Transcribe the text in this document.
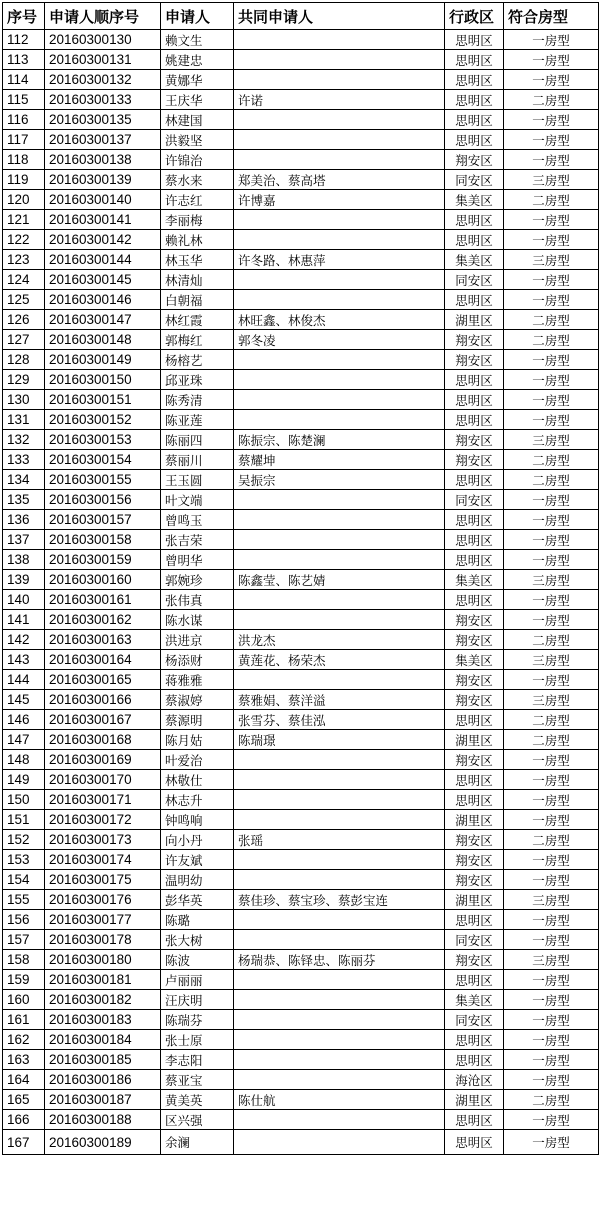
序号	申请人顺序号	申请人	共同申请人	行政区	符合房型
112	20160300130	赖文生		思明区	一房型
113	20160300131	姚建忠		思明区	一房型
114	20160300132	黄娜华		思明区	一房型
115	20160300133	王庆华	许诺	思明区	二房型
116	20160300135	林建国		思明区	一房型
117	20160300137	洪毅坚		思明区	一房型
118	20160300138	许锦治		翔安区	一房型
119	20160300139	蔡水来	郑美治、蔡高塔	同安区	三房型
120	20160300140	许志红	许博嘉	集美区	二房型
121	20160300141	李丽梅		思明区	一房型
122	20160300142	赖礼林		思明区	一房型
123	20160300144	林玉华	许冬路、林惠萍	集美区	三房型
124	20160300145	林清灿		同安区	一房型
125	20160300146	白朝福		思明区	一房型
126	20160300147	林红霞	林旺鑫、林俊杰	湖里区	二房型
127	20160300148	郭梅红	郭冬凌	翔安区	二房型
128	20160300149	杨榕艺		翔安区	一房型
129	20160300150	邱亚珠		思明区	一房型
130	20160300151	陈秀清		思明区	一房型
131	20160300152	陈亚莲		思明区	一房型
132	20160300153	陈丽四	陈振宗、陈楚澜	翔安区	三房型
133	20160300154	蔡丽川	蔡耀坤	翔安区	二房型
134	20160300155	王玉圆	吴振宗	思明区	二房型
135	20160300156	叶文端		同安区	一房型
136	20160300157	曾鸣玉		思明区	一房型
137	20160300158	张吉荣		思明区	一房型
138	20160300159	曾明华		思明区	一房型
139	20160300160	郭婉珍	陈鑫莹、陈艺婧	集美区	三房型
140	20160300161	张伟真		思明区	一房型
141	20160300162	陈水谋		翔安区	一房型
142	20160300163	洪进京	洪龙杰	翔安区	二房型
143	20160300164	杨添财	黄莲花、杨荣杰	集美区	三房型
144	20160300165	蒋雅雅		翔安区	一房型
145	20160300166	蔡淑婷	蔡雅娟、蔡洋溢	翔安区	三房型
146	20160300167	蔡源明	张雪芬、蔡佳泓	思明区	二房型
147	20160300168	陈月姑	陈瑞璟	湖里区	二房型
148	20160300169	叶爱治		翔安区	一房型
149	20160300170	林敬仕		思明区	一房型
150	20160300171	林志升		思明区	一房型
151	20160300172	钟鸣响		湖里区	一房型
152	20160300173	向小丹	张瑶	翔安区	二房型
153	20160300174	许友斌		翔安区	一房型
154	20160300175	温明幼		翔安区	一房型
155	20160300176	彭华英	蔡佳珍、蔡宝珍、蔡彭宝连	湖里区	三房型
156	20160300177	陈璐		思明区	一房型
157	20160300178	张大树		同安区	一房型
158	20160300180	陈波	杨瑞恭、陈铎忠、陈丽芬	翔安区	三房型
159	20160300181	卢丽丽		思明区	一房型
160	20160300182	汪庆明		集美区	一房型
161	20160300183	陈瑞芬		同安区	一房型
162	20160300184	张士原		思明区	一房型
163	20160300185	李志阳		思明区	一房型
164	20160300186	蔡亚宝		海沧区	一房型
165	20160300187	黄美英	陈仕航	湖里区	二房型
166	20160300188	区兴强		思明区	一房型
167	20160300189	余澜		思明区	一房型
